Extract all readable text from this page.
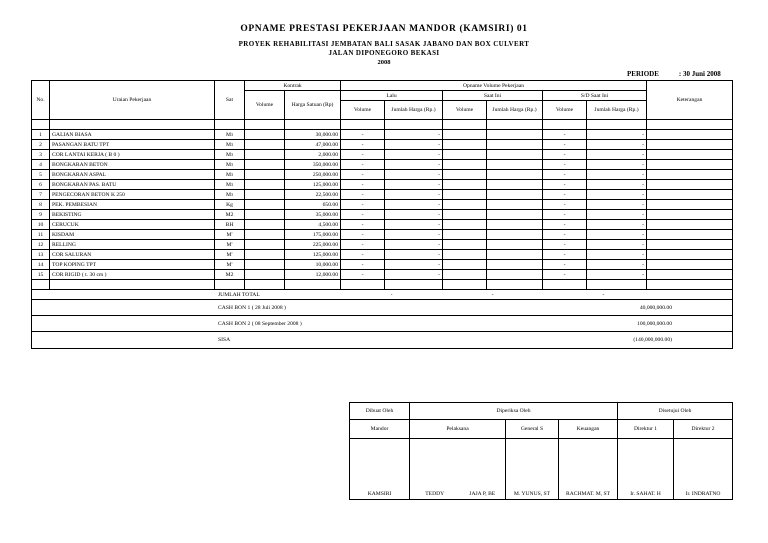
OPNAME PRESTASI PEKERJAAN MANDOR (KAMSIRI) 01
PROYEK REHABILITASI JEMBATAN BALI SASAK JABANO DAN BOX CULVERT
JALAN DIPONEGORO BEKASI
2008
PERIODE	: 30 Juni 2008
No.	Uraian Pekerjaan	Sat	Kontrak		Opname Volume Pekerjaan						Keterangan
			Volume	Harga Satuan (Rp)	Lalu		Saat Ini		S/D Saat Ini		
					Volume	Jumlah Harga (Rp.)	Volume	Jumlah Harga (Rp.)	Volume	Jumlah Harga (Rp.)	

1	GALIAN BIASA	$M^3$		30,000.00	-	-			-	-	
2	PASANGAN BATU TPT	$M^3$		47,000.00	-	-			-	-	
3	COR LANTAI KERJA ( B 0 )	$M^3$		2,000.00	-	-			-	-	
4	BONGKARAN BETON	$M^3$		350,000.00	-	-			-	-	
5	BONGKARAN ASPAL	$M^3$		250,000.00	-	-			-	-	
6	BONGKARAN PAS. BATU	$M^3$		125,000.00	-	-			-	-	
7	PENGECORAN BETON K 250	$M^3$		22,500.00	-	-			-	-	
8	PEK. PEMBESIAN	Kg		650.00	-	-			-	-	
9	BEKISTING	M2		35,000.00	-	-			-	-	
10	CERUCUK	BH		4,500.00	-	-			-	-	
11	KISDAM	M'		175,000.00	-	-			-	-	
12	RELLING	M'		225,000.00	-	-			-	-	
13	COR SALURAN	M'		125,000.00	-	-			-	-	
14	TOP KOPING TPT	M'		10,000.00	-	-			-	-	
15	COR RIGID ( t. 30 cm )	M2		12,000.00	-	-			-	-	

JUMLAH TOTAL					-		-		-		
CASH BON 1 ( 28 Juli 2008 )									40,000,000.00		
CASH BON 2 ( 08 September 2008 )									100,000,000.00		
SISA									(140,000,000.00)		
Dibuat Oleh	Diperiksa Oleh				Disetujui Oleh	
Mandor	Pelaksana		General S	Keuangan	Direktur 1	Direktur 2

KAMSIRI	TEDDY	JAJA P, BE	M. YUNUS, ST	RACHMAT. M, ST	Ir. SAHAT. H	Ir. INDRATNO
